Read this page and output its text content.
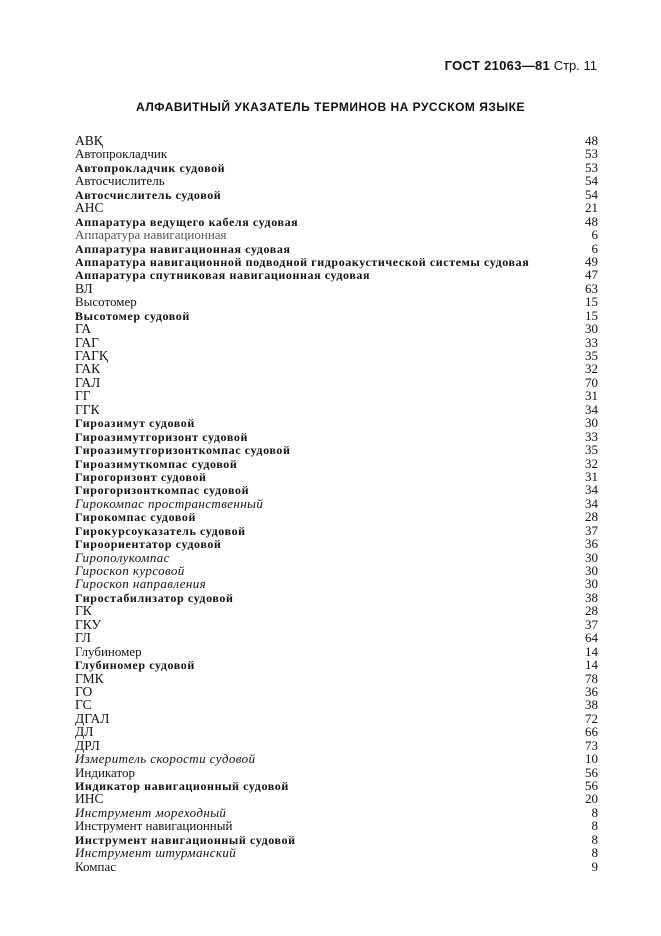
ГОСТ 21063—81 Стр. 11
АЛФАВИТНЫЙ УКАЗАТЕЛЬ ТЕРМИНОВ НА РУССКОМ ЯЗЫКЕ
АВҚ	48
Автопрокладчик	53
Автопрокладчик судовой	53
Автосчислитель	54
Автосчислитель судовой	54
АНС	21
Аппаратура ведущего кабеля судовая	48
Аппаратура навигационная	6
Аппаратура навигационная судовая	6
Аппаратура навигационной подводной гидроакустической системы судовая	49
Аппаратура спутниковая навигационная судовая	47
ВЛ	63
Высотомер	15
Высотомер судовой	15
ГА	30
ГАГ	33
ГАГҚ	35
ГАК	32
ГАЛ	70
ГГ	31
ГГК	34
Гироазимут судовой	30
Гироазимутгоризонт судовой	33
Гироазимутгоризонткомпас судовой	35
Гироазимуткомпас судовой	32
Гирогоризонт судовой	31
Гирогоризонткомпас судовой	34
Гирокомпас пространственный	34
Гирокомпас судовой	28
Гирокурсоуказатель судовой	37
Гироориентатор судовой	36
Гирополукомпас	30
Гироскоп курсовой	30
Гироскоп направления	30
Гиростабилизатор судовой	38
ГК	28
ГКУ	37
ГЛ	64
Глубиномер	14
Глубиномер судовой	14
ГМК	78
ГО	36
ГС	38
ДГАЛ	72
ДЛ	66
ДРЛ	73
Измеритель скорости судовой	10
Индикатор	56
Индикатор навигационный судовой	56
ИНС	20
Инструмент мореходный	8
Инструмент навигационный	8
Инструмент навигационный судовой	8
Инструмент штурманский	8
Компас	9
